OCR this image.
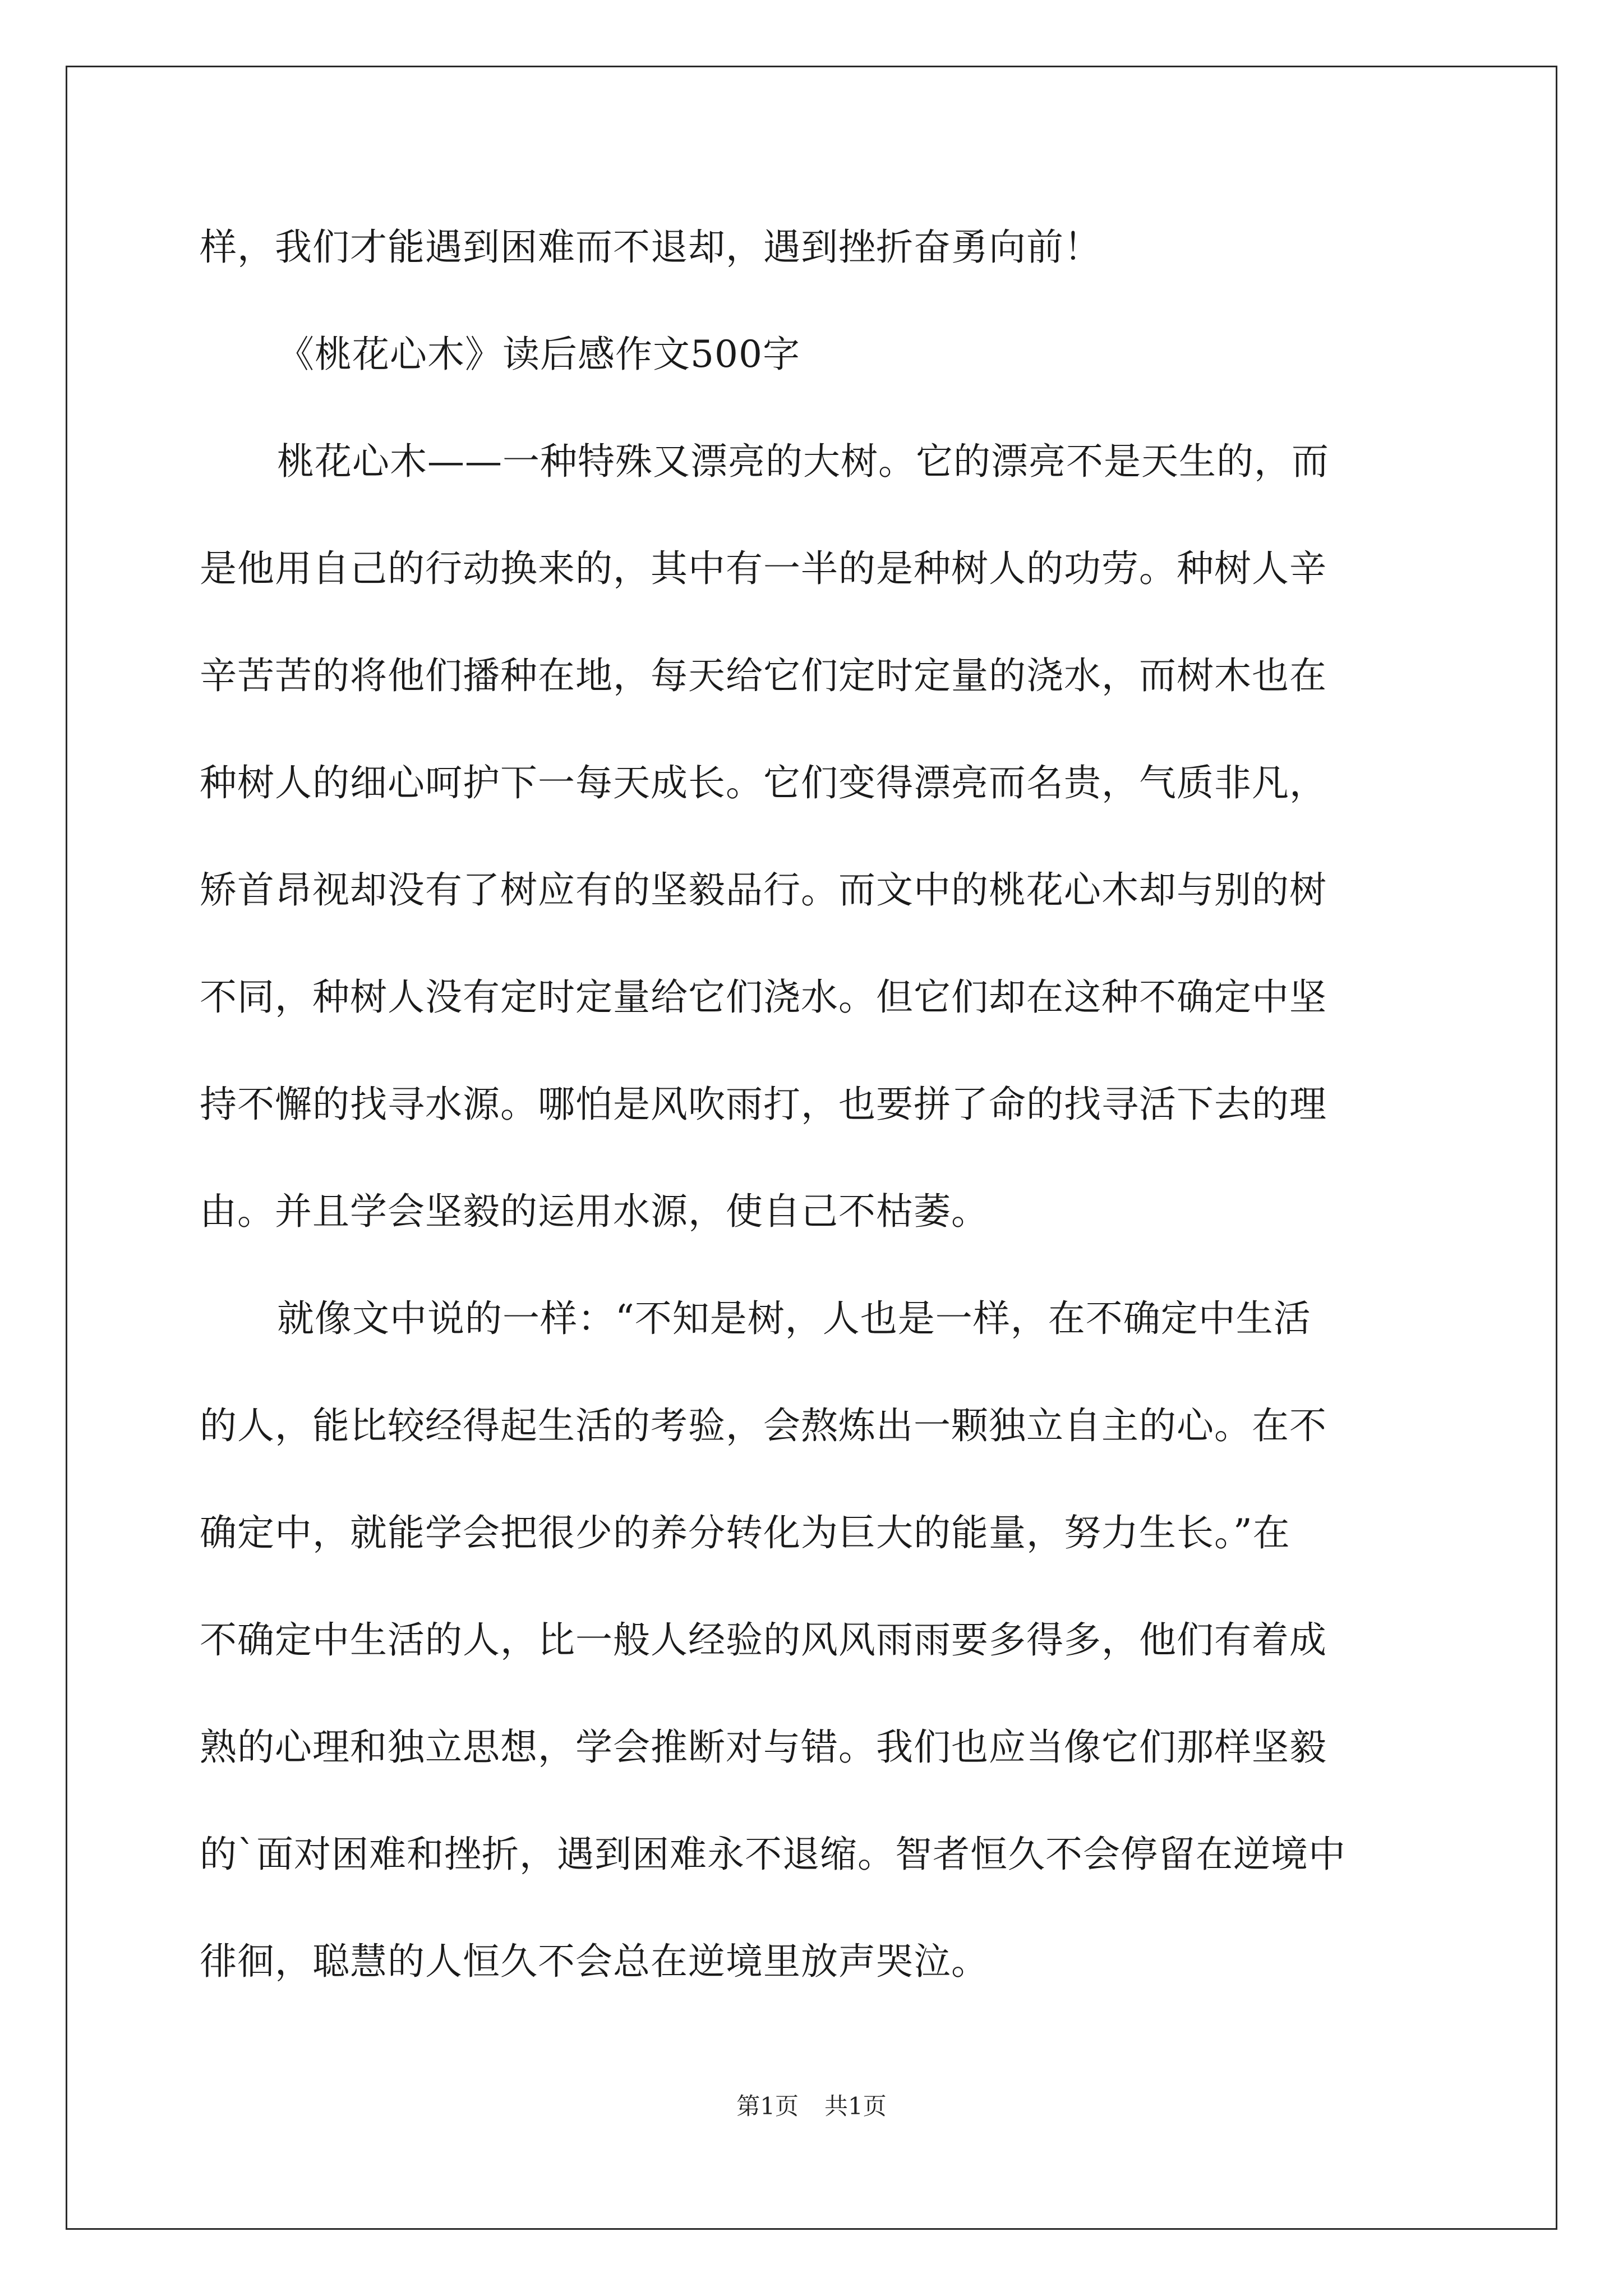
样，我们才能遇到困难而不退却，遇到挫折奋勇向前！
《桃花心木》读后感作文500字
桃花心木——一种特殊又漂亮的大树。它的漂亮不是天生的，而
是他用自己的行动换来的，其中有一半的是种树人的功劳。种树人辛
辛苦苦的将他们播种在地，每天给它们定时定量的浇水，而树木也在
种树人的细心呵护下一每天成长。它们变得漂亮而名贵，气质非凡，
矫首昂视却没有了树应有的坚毅品行。而文中的桃花心木却与别的树
不同，种树人没有定时定量给它们浇水。但它们却在这种不确定中坚
持不懈的找寻水源。哪怕是风吹雨打，也要拼了命的找寻活下去的理
由。并且学会坚毅的运用水源，使自己不枯萎。
就像文中说的一样：“不知是树，人也是一样，在不确定中生活
的人，能比较经得起生活的考验，会熬炼出一颗独立自主的心。在不
确定中，就能学会把很少的养分转化为巨大的能量，努力生长。”在
不确定中生活的人，比一般人经验的风风雨雨要多得多，他们有着成
熟的心理和独立思想，学会推断对与错。我们也应当像它们那样坚毅
的`面对困难和挫折，遇到困难永不退缩。智者恒久不会停留在逆境中
徘徊，聪慧的人恒久不会总在逆境里放声哭泣。
第1页 共1页
